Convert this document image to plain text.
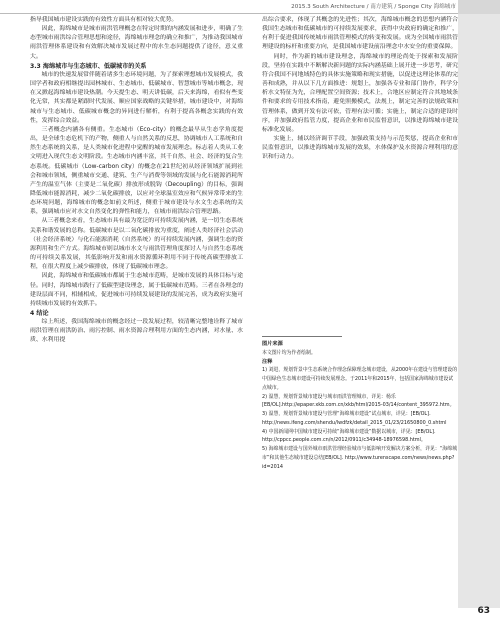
2015.3 South Architecture / 南方建筑 / Sponge City 海绵城市

指导我国城市建设实践的有效性方面具有相对较大优势。

因此，海绵城市是城市雨洪管理概念在特定时期的内涵发展和进步，明确了生态型城市雨洪综合管理思想和途径，海绵城市理念的确立和推广，为推动我国城市雨洪管理体系建设和有效解决城市发展过程中的水生态问题提供了途径，意义重大。

3.3 海绵城市与生态城市、低碳城市的关系

城市的快速发展常伴随着诸多生态环境问题，为了探索理想城市发展模式，我国学者和政府相继提出园林城市、生态城市、低碳城市、智慧城市等城市概念，现在又掀起海绵城市建设热潮。今天提生态、明天讲低碳，后天来海绵，看似有些变化无常，其实都是紧跟时代发展、顺应国家战略的关键举措，城市建设中，对海绵城市与生态城市、低碳城市概念的异同进行解析，有利于提高各概念实践的有效性，发挥综合效益。

三者概念内涵各有侧重。生态城市（Eco-city）的概念最早从生态学角度提出，是全球生态危机下的产物，侧重人与自然关系的反思，协调城市人工系统和自然生态系统的关系，是人类城市化进程中觉醒的城市发展理念。标志着人类从工业文明进入现代生态文明阶段。生态城市内涵丰富，其千自然、社会、经济的复合生态系统。低碳城市（Low-carbon city）的概念在21世纪初从经济领域扩展到社会和城市领域，侧重城市交通、建筑、生产与消费等领域的发展与化石能源消耗所产生的温室气体（主要是二氧化碳）排放形成脱钩（Decoupling）的目标，强调降低城市能源消耗，减少二氧化碳排放，以应对全球温室效应和气候异常带来的生态环境问题，海绵城市的概念如前文所述，侧重于城市建设与水文生态系统的关系，强调城市应对水文自然变化的弹性和能力，在城市雨洪综合管理思路。

从三者概念来看，生态城市具有最为宽泛的可持续发展内涵，是一切生态系统关系和谐发展的总称。低碳城市是以二氧化碳排放为重度，阐述人类经济社会活动（社会经济系统）与化石能源消耗（自然系统）的可持续发展内涵，强调生态的资源利用和生产方式。海绵城市则以城市水文与雨洪管理角度探讨人与自然生态系统的可持续关系发展，其低影响开发和雨水资源循环利用不同于传统高碳型排放工程，在很大程度上减少碳排放，体现了低碳城市理念。

因此，海绵城市和低碳城市都属于生态城市范畴，是城市发展的具体目标与途径。同时，海绵城市践行了低碳型建设理念，属于低碳城市范畴。三者在各理念的建设层面不同，相辅相成，促进城市可持续发展建设的发展完善，成为政府实施可持续城市发展的有效抓手。

4 结论

综上所述，我国海绵城市的概念经过一段发展过程，较清晰完整地诠释了城市雨洪管理在雨洪防治、雨污控制、雨水资源合理利用方面的生态内涵，对水量、水质、水利用提

出综合要求，体现了其概念的先进性；其次，海绵城市概念的思想内涵符合我国生态城市和低碳城市的可持续发展要求，获得中央政府的确定和推广，有利于促进我国传统城市雨洪管理模式的转变和发展。成为全国城市雨洪管理建设的标杆和重要方向，是我国城市建设前沿理念中水安全的重要保障。

同时，作为新的城市建设理念，海绵城市的理论尚处于探索和发展阶段，坚持在实践中不断解决新问题的实际内涵基础上展开进一步思考，研究符合我国不同地域特色的具体实施策略和现实措施，以促进这理论体系的完善和成熟，并从以下几方面推进：规划上，加强各专业和部门协作，科学分析水文特征为先，合理配置空间资源；技术上，合地区应制定符合其地域条件和要求的专用技术指南，避免照搬模式，法规上，制定完善的法规政策和管理体系，做到开发有法可依，管理有法可循；实施上，制定合适的建设时序，并加强政府监管力度，提高企业和市民监督意识，以推进海绵城市建设标准化发展。

实施上，辅以经济调节手段，加强政策支持与示范奖惩，提高企业和市民监督意识，以推进海绵城市发展的效果，水体保护及水资源合理利用的意识和行动力。

图片来源
本文图片均为作者绘制。
注释
1) 刘进，规划背景中生态系统合作理念保障理念城市建设，从2000年在建设与管理建设的中国绿色生态城市建设可持续发展理念。于2011年和2015年，包括国家海绵城市建设试点城市。
2) 温慧，规划背景城市建设与城市雨洪管理城市，详见：杨乐[EB/OL].http://epaper.xkb.com.cn/xkb/html/2015-03/14/content_395972.htm。
3) 温慧，规划背景城市建设与管理“海绵城市建设”试点城市，详见：[EB/OL]. http://news.ifeng.com/shendu/lwdfzk/detail_2015_01/23/21650800_0.shtml
4) 中国新闻网中国城市建设可持续“海绵城市建设”数据以城市，详见：[EB/OL]. http://cppcc.people.com.cn/n/2012/0911/c34948-18976598.html。
5) 海绵城市建设与国外城市雨洪管理经验城市与低影响开发解决方案分析，详见：“海绵城市”和其他生态城市建设总结[EB/OL]. http://www.turenscape.com/news/news.php?id=2014
63
